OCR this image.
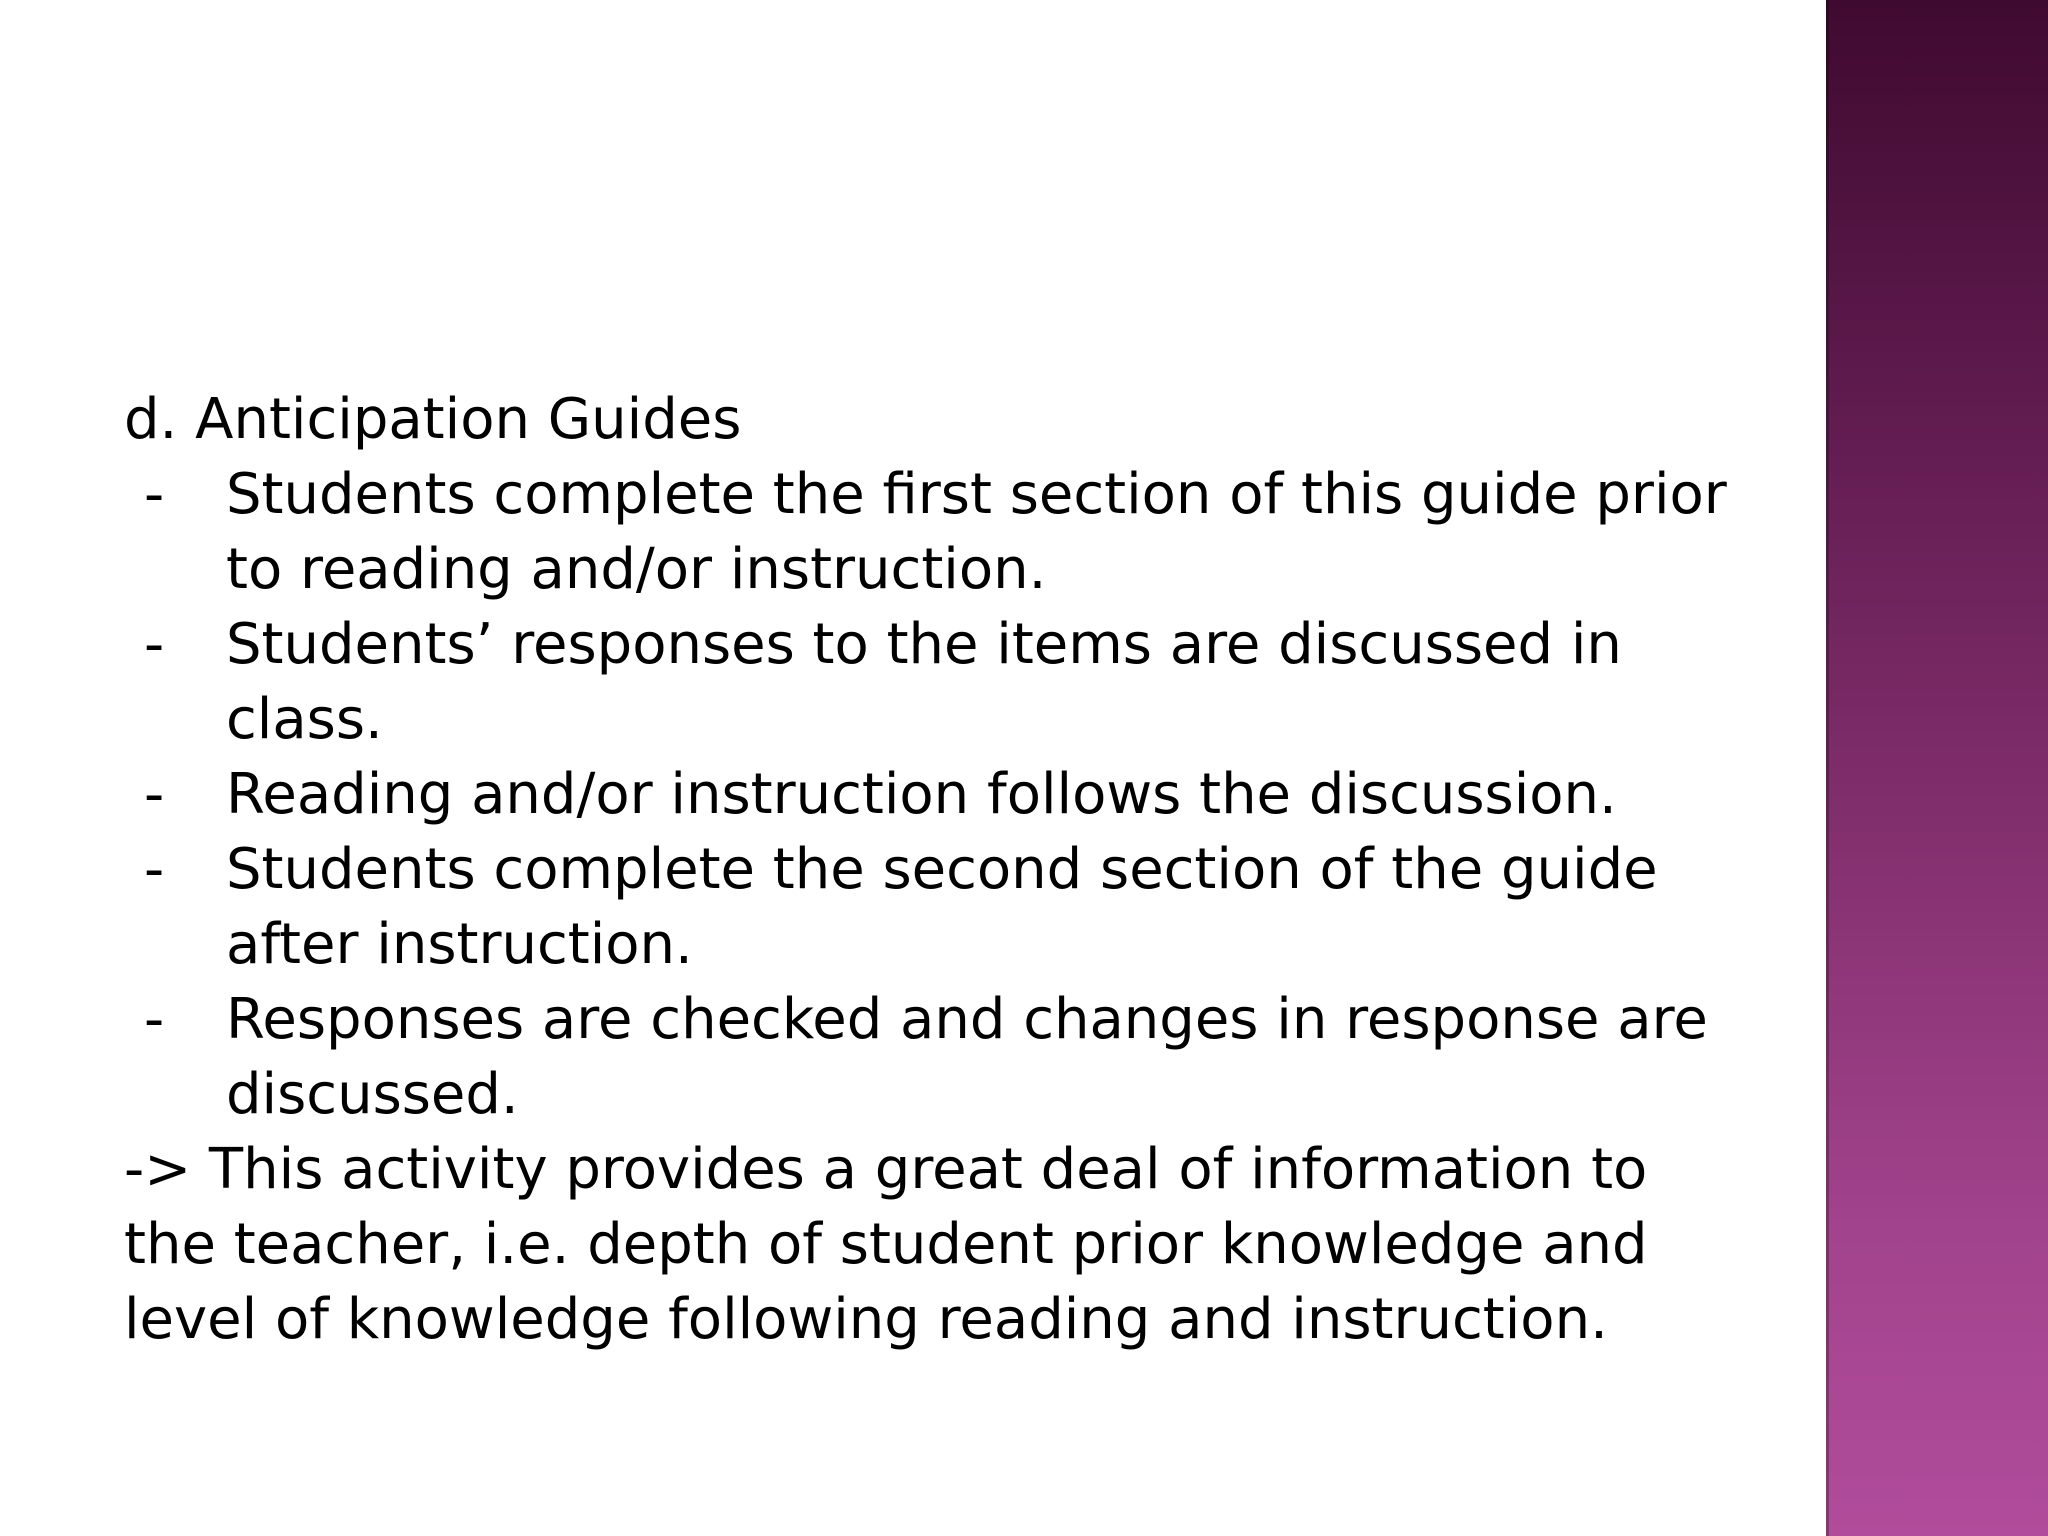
d. Anticipation Guides
- Students complete the first section of this guide prior to reading and/or instruction.
- Students’ responses to the items are discussed in class.
- Reading and/or instruction follows the discussion.
- Students complete the second section of the guide after instruction.
- Responses are checked and changes in response are discussed.
-> This activity provides a great deal of information to the teacher, i.e. depth of student prior knowledge and level of knowledge following reading and instruction.
